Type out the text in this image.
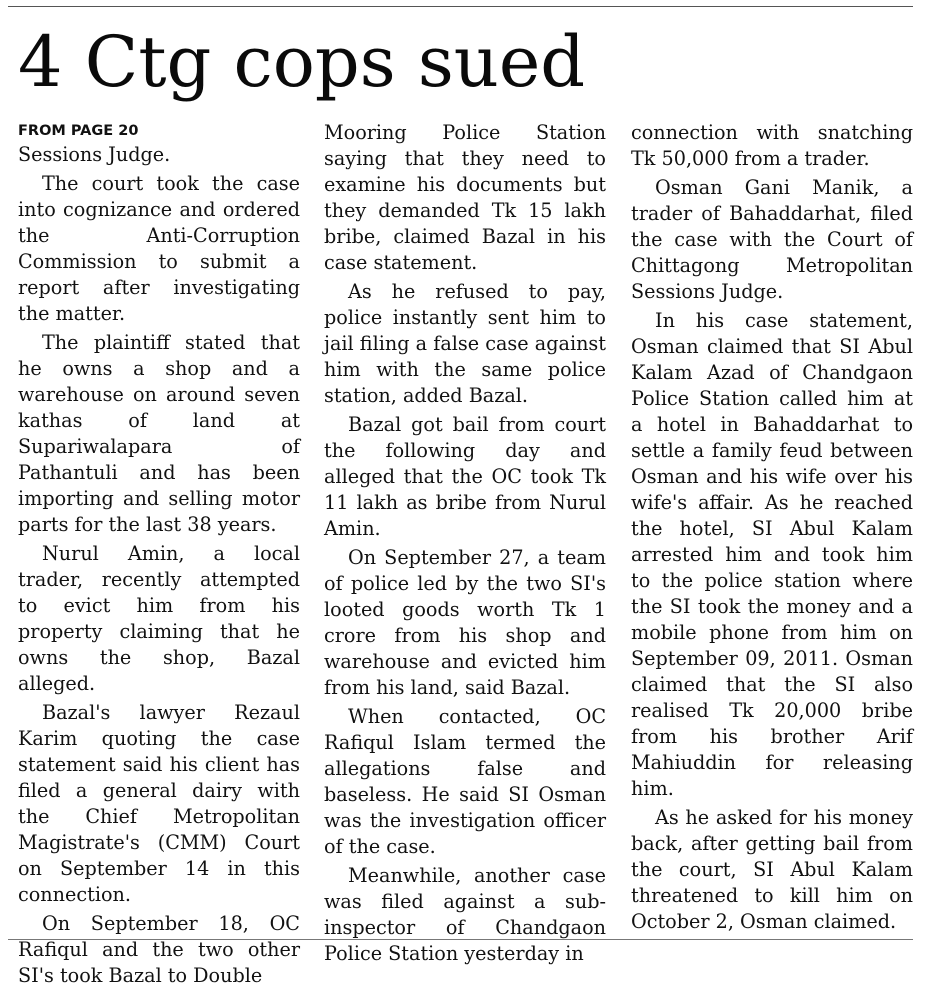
4 Ctg cops sued
FROM PAGE 20

Sessions Judge.

The court took the case into cognizance and ordered the Anti-Corruption Commission to submit a report after investigating the matter.

The plaintiff stated that he owns a shop and a warehouse on around seven kathas of land at Supariwalapara of Pathantuli and has been importing and selling motor parts for the last 38 years.

Nurul Amin, a local trader, recently attempted to evict him from his property claiming that he owns the shop, Bazal alleged.

Bazal's lawyer Rezaul Karim quoting the case statement said his client has filed a general dairy with the Chief Metropolitan Magistrate's (CMM) Court on September 14 in this connection.

On September 18, OC Rafiqul and the two other SI's took Bazal to Double

Mooring Police Station saying that they need to examine his documents but they demanded Tk 15 lakh bribe, claimed Bazal in his case statement.

As he refused to pay, police instantly sent him to jail filing a false case against him with the same police station, added Bazal.

Bazal got bail from court the following day and alleged that the OC took Tk 11 lakh as bribe from Nurul Amin.

On September 27, a team of police led by the two SI's looted goods worth Tk 1 crore from his shop and warehouse and evicted him from his land, said Bazal.

When contacted, OC Rafiqul Islam termed the allegations false and baseless. He said SI Osman was the investigation officer of the case.

Meanwhile, another case was filed against a sub-inspector of Chandgaon Police Station yesterday in

connection with snatching Tk 50,000 from a trader.

Osman Gani Manik, a trader of Bahaddarhat, filed the case with the Court of Chittagong Metropolitan Sessions Judge.

In his case statement, Osman claimed that SI Abul Kalam Azad of Chandgaon Police Station called him at a hotel in Bahaddarhat to settle a family feud between Osman and his wife over his wife's affair. As he reached the hotel, SI Abul Kalam arrested him and took him to the police station where the SI took the money and a mobile phone from him on September 09, 2011. Osman claimed that the SI also realised Tk 20,000 bribe from his brother Arif Mahiuddin for releasing him.

As he asked for his money back, after getting bail from the court, SI Abul Kalam threatened to kill him on October 2, Osman claimed.
